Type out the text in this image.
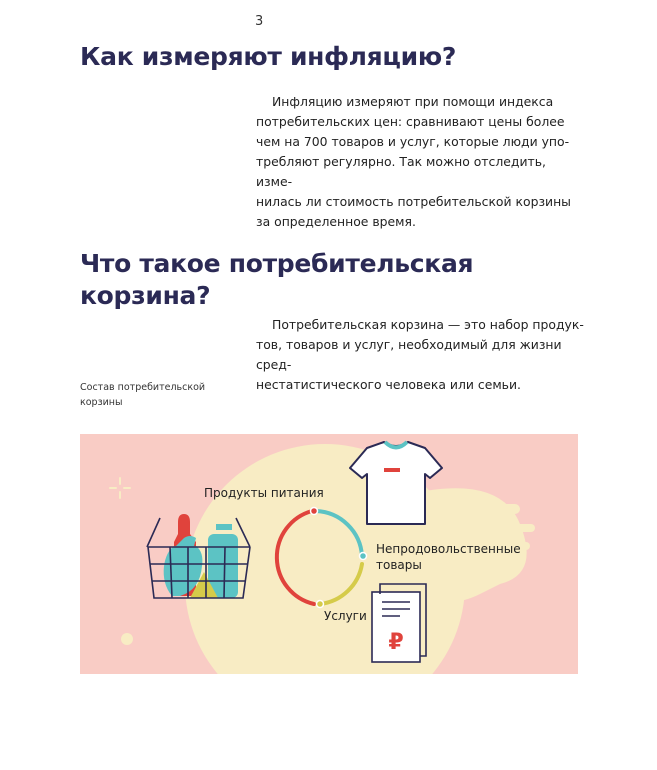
3
Как измеряют инфляцию?
Инфляцию измеряют при помощи индекса
потребительских цен: сравнивают цены более
чем на 700 товаров и услуг, которые люди упо-
требляют регулярно. Так можно отследить, изме-
нилась ли стоимость потребительской корзины
за определенное время.
Что такое потребительская корзина?
Потребительская корзина — это набор продук-
тов, товаров и услуг, необходимый для жизни сред-
нестатистического человека или семьи.
Состав потребительской
корзины
₽
Продукты питания
Непродовольственные
товары
Услуги
